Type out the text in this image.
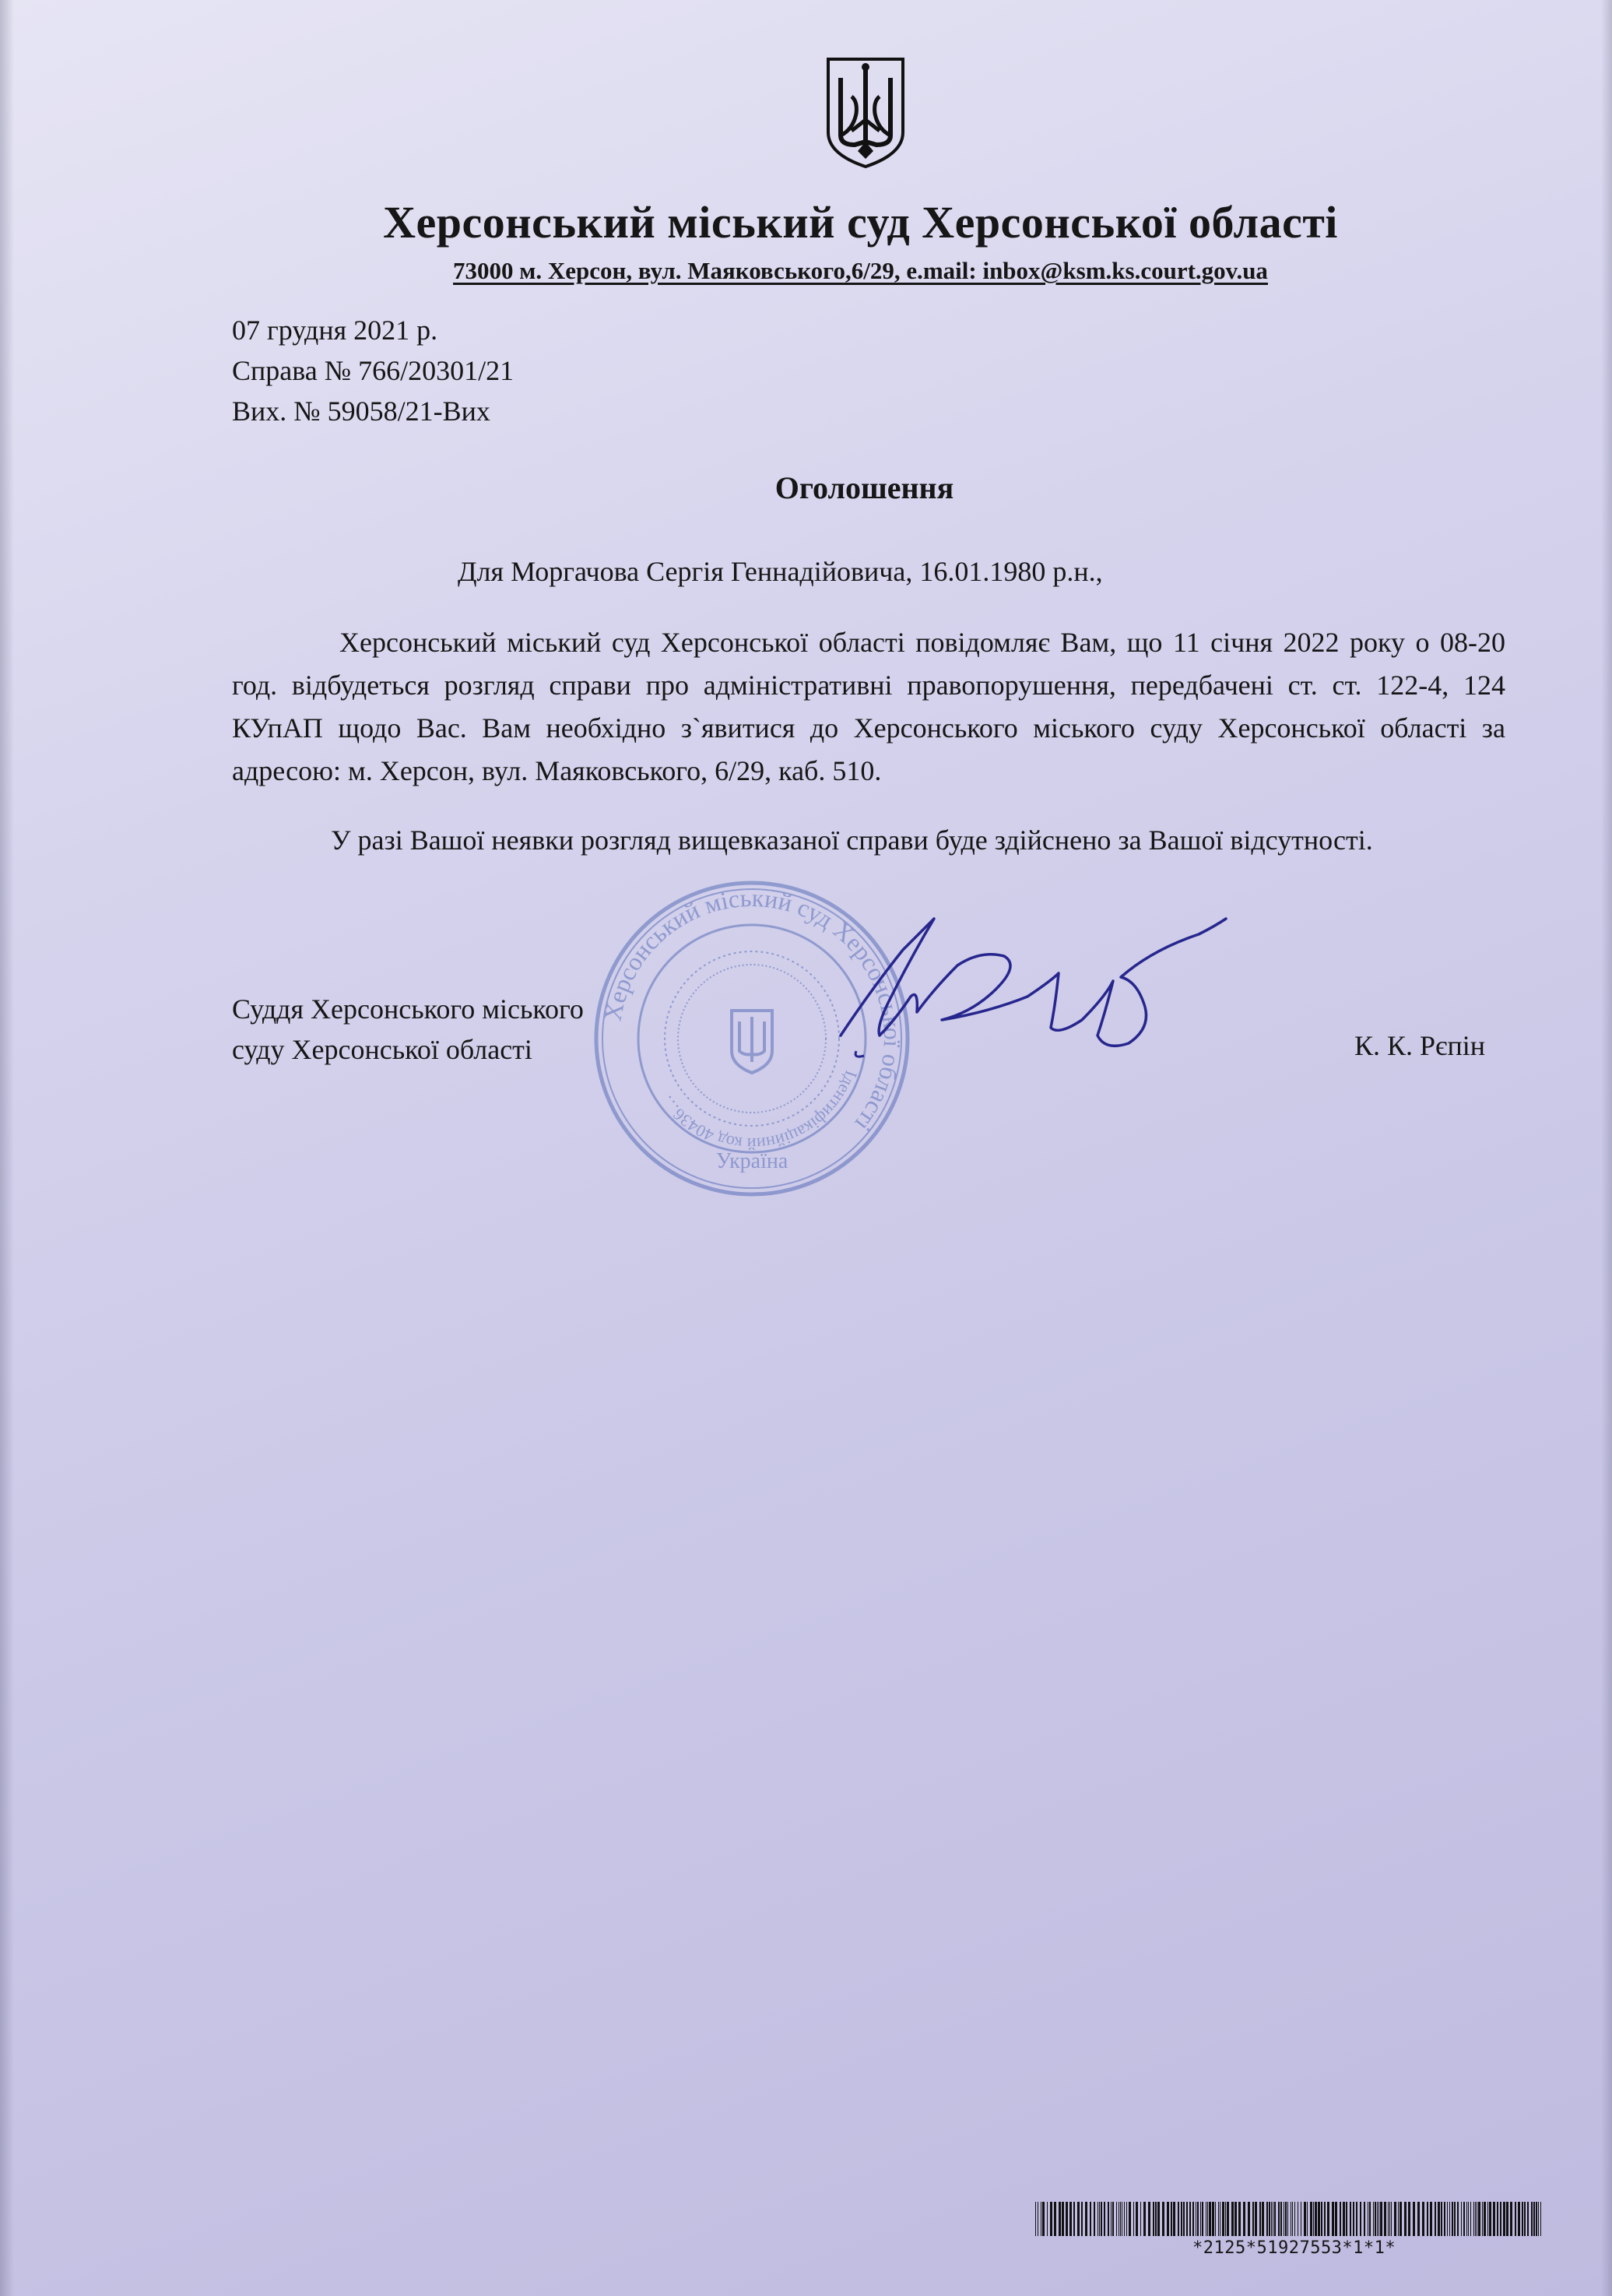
Херсонський міський суд Херсонської області
73000 м. Херсон, вул. Маяковського,6/29, e.mail: inbox@ksm.ks.court.gov.ua
07 грудня 2021 р.
Справа № 766/20301/21
Вих. № 59058/21-Вих
Оголошення
Для Моргачова Сергія Геннадійовича, 16.01.1980 р.н.,
Херсонський міський суд Херсонської області повідомляє Вам, що 11 січня 2022 року о 08-20 год. відбудеться розгляд справи про адміністративні правопорушення, передбачені ст. ст. 122-4, 124 КУпАП щодо Вас. Вам необхідно з`явитися до Херсонського міського суду Херсонської області за адресою: м. Херсон, вул. Маяковського, 6/29, каб. 510.
У разі Вашої неявки розгляд вищевказаної справи буде здійснено за Вашої відсутності.
Суддя Херсонського міського
суду Херсонської області	К. К. Рєпін
Херсонський міський суд Херсонської області
Ідентифікаційний код 40436…
Україна
*2125*51927553*1*1*
